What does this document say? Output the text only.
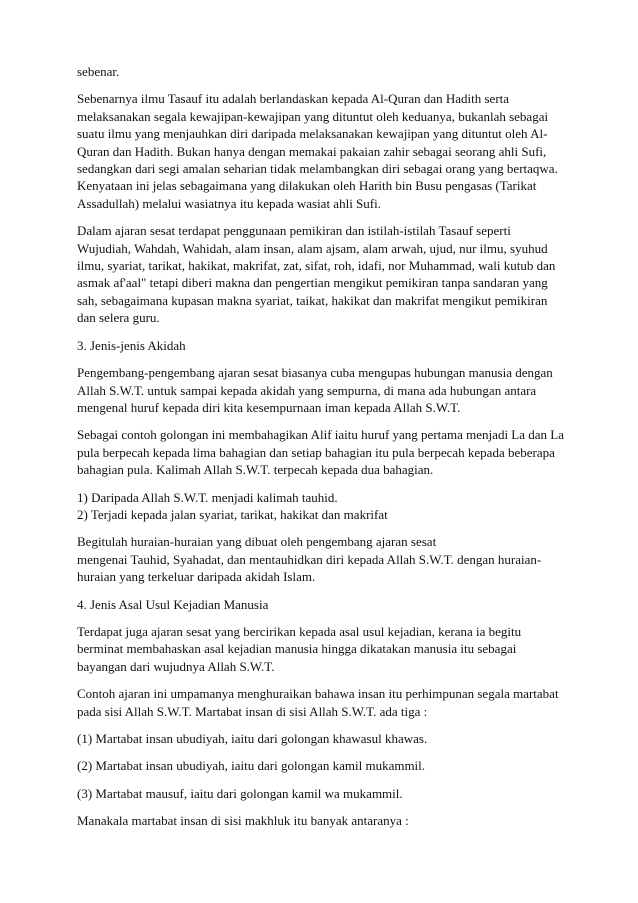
sebenar.

Sebenarnya ilmu Tasauf itu adalah berlandaskan kepada Al-Quran dan Hadith serta
melaksanakan segala kewajipan-kewajipan yang dituntut oleh keduanya, bukanlah sebagai
suatu ilmu yang menjauhkan diri daripada melaksanakan kewajipan yang dituntut oleh Al-
Quran dan Hadith. Bukan hanya dengan memakai pakaian zahir sebagai seorang ahli Sufi,
sedangkan dari segi amalan seharian tidak melambangkan diri sebagai orang yang bertaqwa.
Kenyataan ini jelas sebagaimana yang dilakukan oleh Harith bin Busu pengasas (Tarikat
Assadullah) melalui wasiatnya itu kepada wasiat ahli Sufi.

Dalam ajaran sesat terdapat penggunaan pemikiran dan istilah-istilah Tasauf seperti
Wujudiah, Wahdah, Wahidah, alam insan, alam ajsam, alam arwah, ujud, nur ilmu, syuhud
ilmu, syariat, tarikat, hakikat, makrifat, zat, sifat, roh, idafi, nor Muhammad, wali kutub dan
asmak af'aal" tetapi diberi makna dan pengertian mengikut pemikiran tanpa sandaran yang
sah, sebagaimana kupasan makna syariat, taikat, hakikat dan makrifat mengikut pemikiran
dan selera guru.

3. Jenis-jenis Akidah

Pengembang-pengembang ajaran sesat biasanya cuba mengupas hubungan manusia dengan
Allah S.W.T. untuk sampai kepada akidah yang sempurna, di mana ada hubungan antara
mengenal huruf kepada diri kita kesempurnaan iman kepada Allah S.W.T.

Sebagai contoh golongan ini membahagikan Alif iaitu huruf yang pertama menjadi La dan La
pula berpecah kepada lima bahagian dan setiap bahagian itu pula berpecah kepada beberapa
bahagian pula. Kalimah Allah S.W.T. terpecah kepada dua bahagian.

1) Daripada Allah S.W.T. menjadi kalimah tauhid.
2) Terjadi kepada jalan syariat, tarikat, hakikat dan makrifat

Begitulah huraian-huraian yang dibuat oleh pengembang ajaran sesat
mengenai Tauhid, Syahadat, dan mentauhidkan diri kepada Allah S.W.T. dengan huraian-
huraian yang terkeluar daripada akidah Islam.

4. Jenis Asal Usul Kejadian Manusia

Terdapat juga ajaran sesat yang bercirikan kepada asal usul kejadian, kerana ia begitu
berminat membahaskan asal kejadian manusia hingga dikatakan manusia itu sebagai
bayangan dari wujudnya Allah S.W.T.

Contoh ajaran ini umpamanya menghuraikan bahawa insan itu perhimpunan segala martabat
pada sisi Allah S.W.T. Martabat insan di sisi Allah S.W.T. ada tiga :

(1) Martabat insan ubudiyah, iaitu dari golongan khawasul khawas.

(2) Martabat insan ubudiyah, iaitu dari golongan kamil mukammil.

(3) Martabat mausuf, iaitu dari golongan kamil wa mukammil.

Manakala martabat insan di sisi makhluk itu banyak antaranya :
